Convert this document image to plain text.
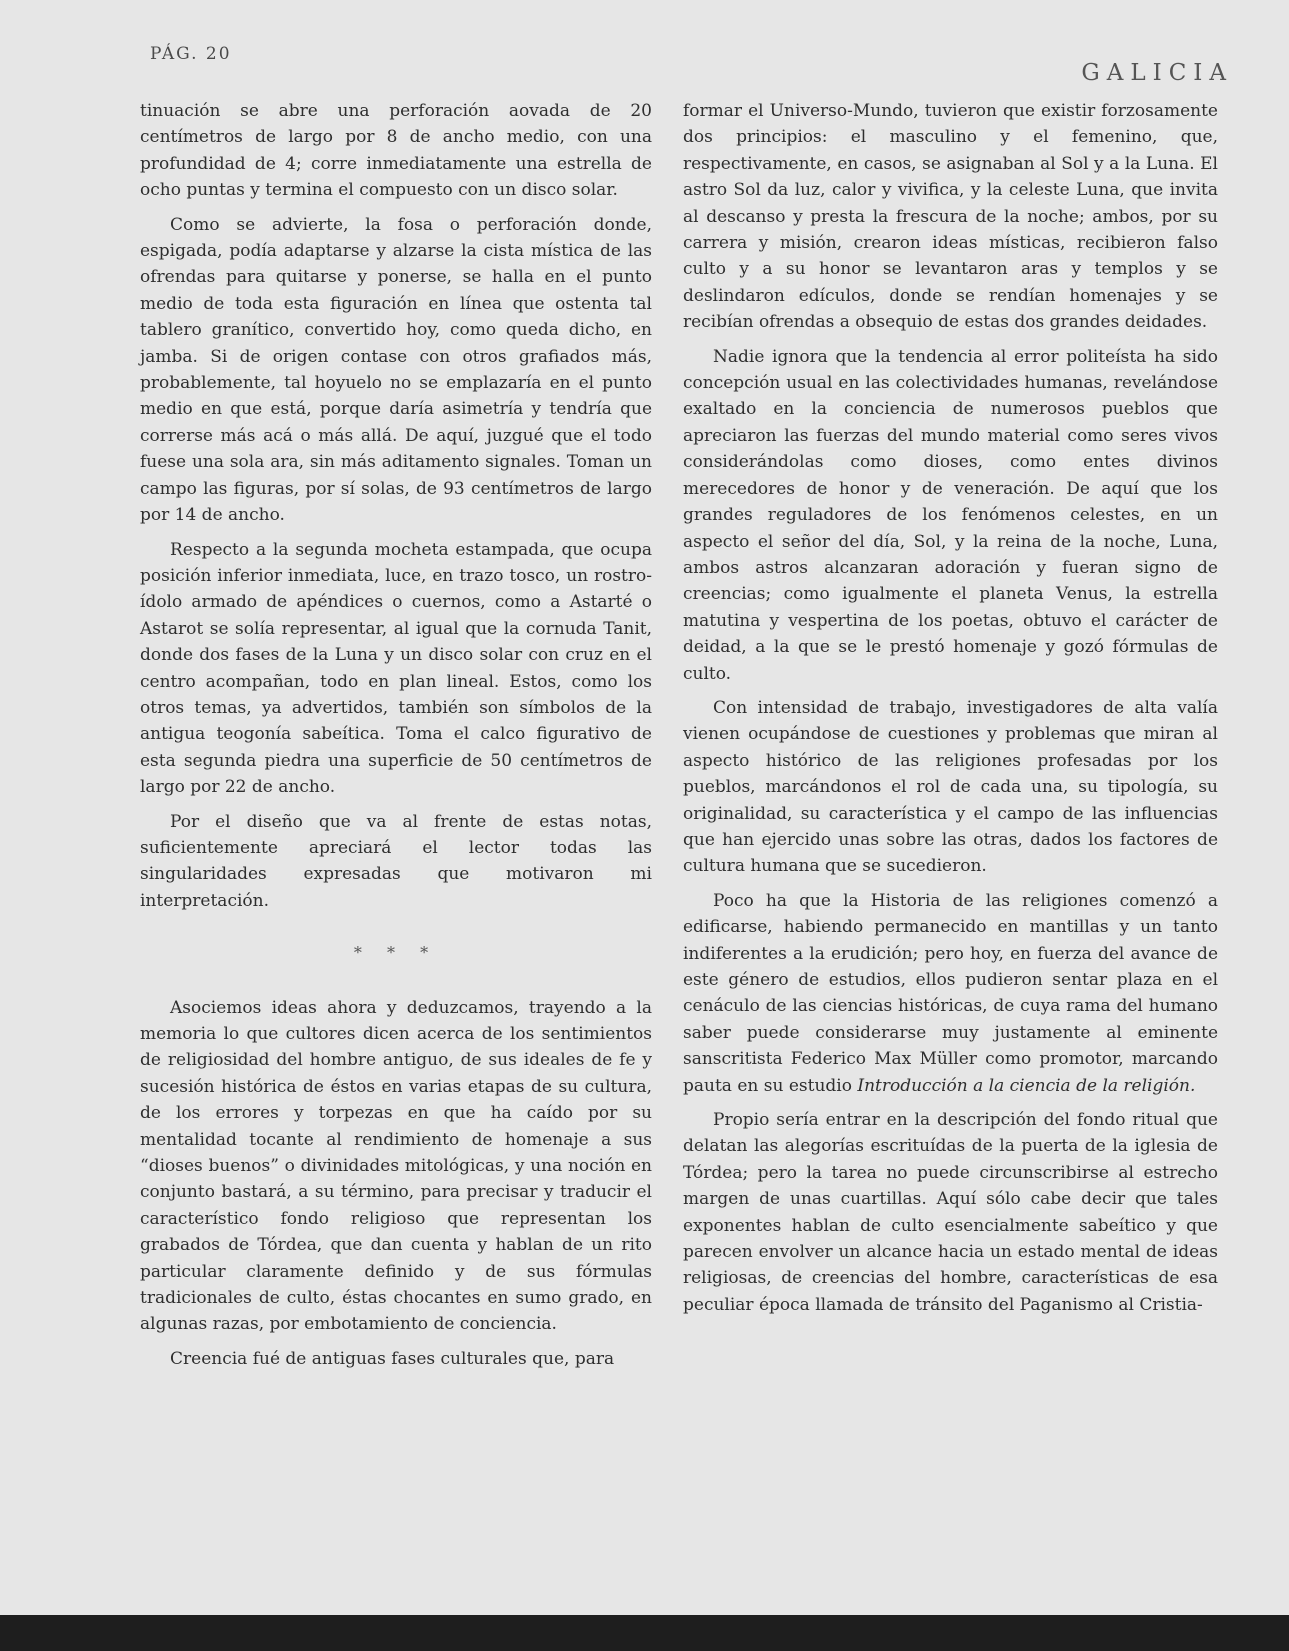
PÁG. 20
GALICIA

tinuación se abre una perforación aovada de 20 centímetros de largo por 8 de ancho medio, con una profundidad de 4; corre inmediatamente una estrella de ocho puntas y termina el compuesto con un disco solar.

Como se advierte, la fosa o perforación donde, espigada, podía adaptarse y alzarse la cista mística de las ofrendas para quitarse y ponerse, se halla en el punto medio de toda esta figuración en línea que ostenta tal tablero granítico, convertido hoy, como queda dicho, en jamba. Si de origen contase con otros grafiados más, probablemente, tal hoyuelo no se emplazaría en el punto medio en que está, porque daría asimetría y tendría que correrse más acá o más allá. De aquí, juzgué que el todo fuese una sola ara, sin más aditamento signales. Toman un campo las figuras, por sí solas, de 93 centímetros de largo por 14 de ancho.

Respecto a la segunda mocheta estampada, que ocupa posición inferior inmediata, luce, en trazo tosco, un rostro-ídolo armado de apéndices o cuernos, como a Astarté o Astarot se solía representar, al igual que la cornuda Tanit, donde dos fases de la Luna y un disco solar con cruz en el centro acompañan, todo en plan lineal. Estos, como los otros temas, ya advertidos, también son símbolos de la antigua teogonía sabeítica. Toma el calco figurativo de esta segunda piedra una superficie de 50 centímetros de largo por 22 de ancho.

Por el diseño que va al frente de estas notas, suficientemente apreciará el lector todas las singularidades expresadas que motivaron mi interpretación.

* * *

Asociemos ideas ahora y deduzcamos, trayendo a la memoria lo que cultores dicen acerca de los sentimientos de religiosidad del hombre antiguo, de sus ideales de fe y sucesión histórica de éstos en varias etapas de su cultura, de los errores y torpezas en que ha caído por su mentalidad tocante al rendimiento de homenaje a sus “dioses buenos” o divinidades mitológicas, y una noción en conjunto bastará, a su término, para precisar y traducir el característico fondo religioso que representan los grabados de Tórdea, que dan cuenta y hablan de un rito particular claramente definido y de sus fórmulas tradicionales de culto, éstas chocantes en sumo grado, en algunas razas, por embotamiento de conciencia.

Creencia fué de antiguas fases culturales que, para

formar el Universo-Mundo, tuvieron que existir forzosamente dos principios: el masculino y el femenino, que, respectivamente, en casos, se asignaban al Sol y a la Luna. El astro Sol da luz, calor y vivifica, y la celeste Luna, que invita al descanso y presta la frescura de la noche; ambos, por su carrera y misión, crearon ideas místicas, recibieron falso culto y a su honor se levantaron aras y templos y se deslindaron edículos, donde se rendían homenajes y se recibían ofrendas a obsequio de estas dos grandes deidades.

Nadie ignora que la tendencia al error politeísta ha sido concepción usual en las colectividades humanas, revelándose exaltado en la conciencia de numerosos pueblos que apreciaron las fuerzas del mundo material como seres vivos considerándolas como dioses, como entes divinos merecedores de honor y de veneración. De aquí que los grandes reguladores de los fenómenos celestes, en un aspecto el señor del día, Sol, y la reina de la noche, Luna, ambos astros alcanzaran adoración y fueran signo de creencias; como igualmente el planeta Venus, la estrella matutina y vespertina de los poetas, obtuvo el carácter de deidad, a la que se le prestó homenaje y gozó fórmulas de culto.

Con intensidad de trabajo, investigadores de alta valía vienen ocupándose de cuestiones y problemas que miran al aspecto histórico de las religiones profesadas por los pueblos, marcándonos el rol de cada una, su tipología, su originalidad, su característica y el campo de las influencias que han ejercido unas sobre las otras, dados los factores de cultura humana que se sucedieron.

Poco ha que la Historia de las religiones comenzó a edificarse, habiendo permanecido en mantillas y un tanto indiferentes a la erudición; pero hoy, en fuerza del avance de este género de estudios, ellos pudieron sentar plaza en el cenáculo de las ciencias históricas, de cuya rama del humano saber puede considerarse muy justamente al eminente sanscritista Federico Max Müller como promotor, marcando pauta en su estudio Introducción a la ciencia de la religión.

Propio sería entrar en la descripción del fondo ritual que delatan las alegorías escrituídas de la puerta de la iglesia de Tórdea; pero la tarea no puede circunscribirse al estrecho margen de unas cuartillas. Aquí sólo cabe decir que tales exponentes hablan de culto esencialmente sabeítico y que parecen envolver un alcance hacia un estado mental de ideas religiosas, de creencias del hombre, características de esa peculiar época llamada de tránsito del Paganismo al Cristia-
